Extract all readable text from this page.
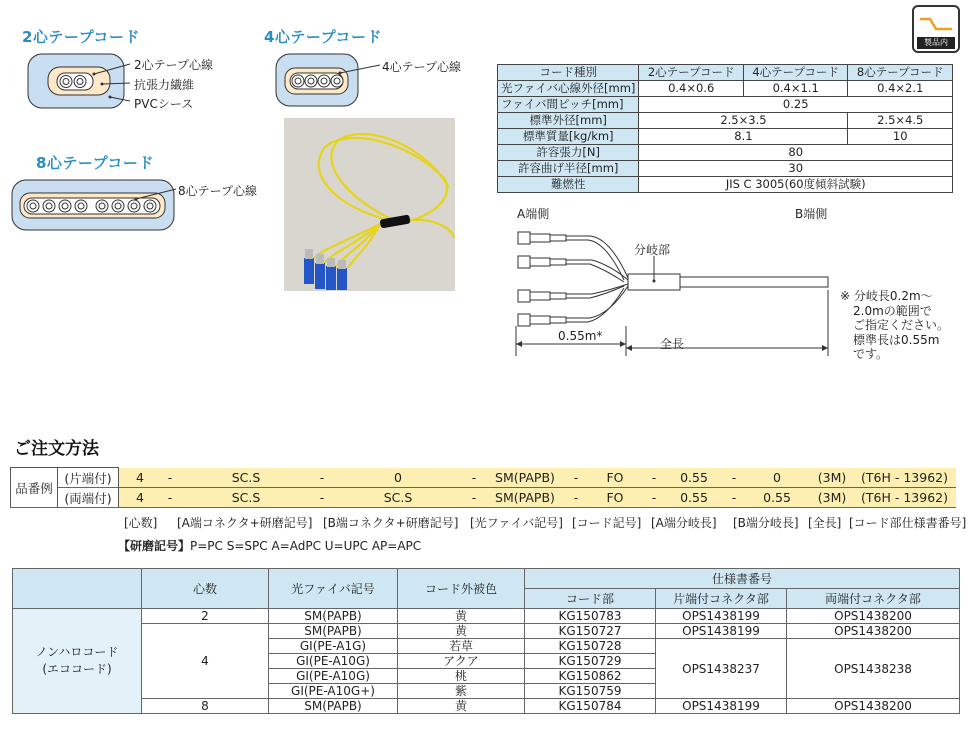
2心テープコード	4心テープコード
8心テープコード
2心テープ心線
抗張力繊維
PVCシース
4心テープ心線
8心テープ心線
製品内
コード種別	2心テープコード	4心テープコード	8心テープコード
光ファイバ心線外径[mm]	0.4×0.6	0.4×1.1	0.4×2.1
ファイバ間ピッチ[mm]	0.25		
標準外径[mm]	2.5×3.5		2.5×4.5
標準質量[kg/km]	8.1		10
許容張力[N]	80		
許容曲げ半径[mm]	30		
難燃性	JIS C 3005(60度傾斜試験)		
A端側	B端側
分岐部
0.55m*
全長
※ 分岐長0.2m～
2.0mの範囲で
ご指定ください。
標準長は0.55m
です。
ご注文方法
品番例	(片端付)	4	-	SC.S	-	0	-	SM(PAPB)	-	FO	-	0.55	-	0	(3M)	(T6H - 13962)
	(両端付)	4	-	SC.S	-	SC.S	-	SM(PAPB)	-	FO	-	0.55	-	0.55	(3M)	(T6H - 13962)
[心数] [A端コネクタ+研磨記号] [B端コネクタ+研磨記号] [光ファイバ記号] [コード記号] [A端分岐長] [B端分岐長] [全長] [コード部仕様書番号]
【研磨記号】P=PC S=SPC A=AdPC U=UPC AP=APC
	心数	光ファイバ記号	コード外被色	仕様書番号		
				コード部	片端付コネクタ部	両端付コネクタ部

ノンハロコード
(エココード)	2	SM(PAPB)	黄	KG150783	OPS1438199	OPS1438200
	4	SM(PAPB)	黄	KG150727	OPS1438199	OPS1438200
		GI(PE-A1G)	若草	KG150728	OPS1438237	OPS1438238
		GI(PE-A10G)	アクア	KG150729		
		GI(PE-A10G)	桃	KG150862		
		GI(PE-A10G+)	紫	KG150759		
	8	SM(PAPB)	黄	KG150784	OPS1438199	OPS1438200
